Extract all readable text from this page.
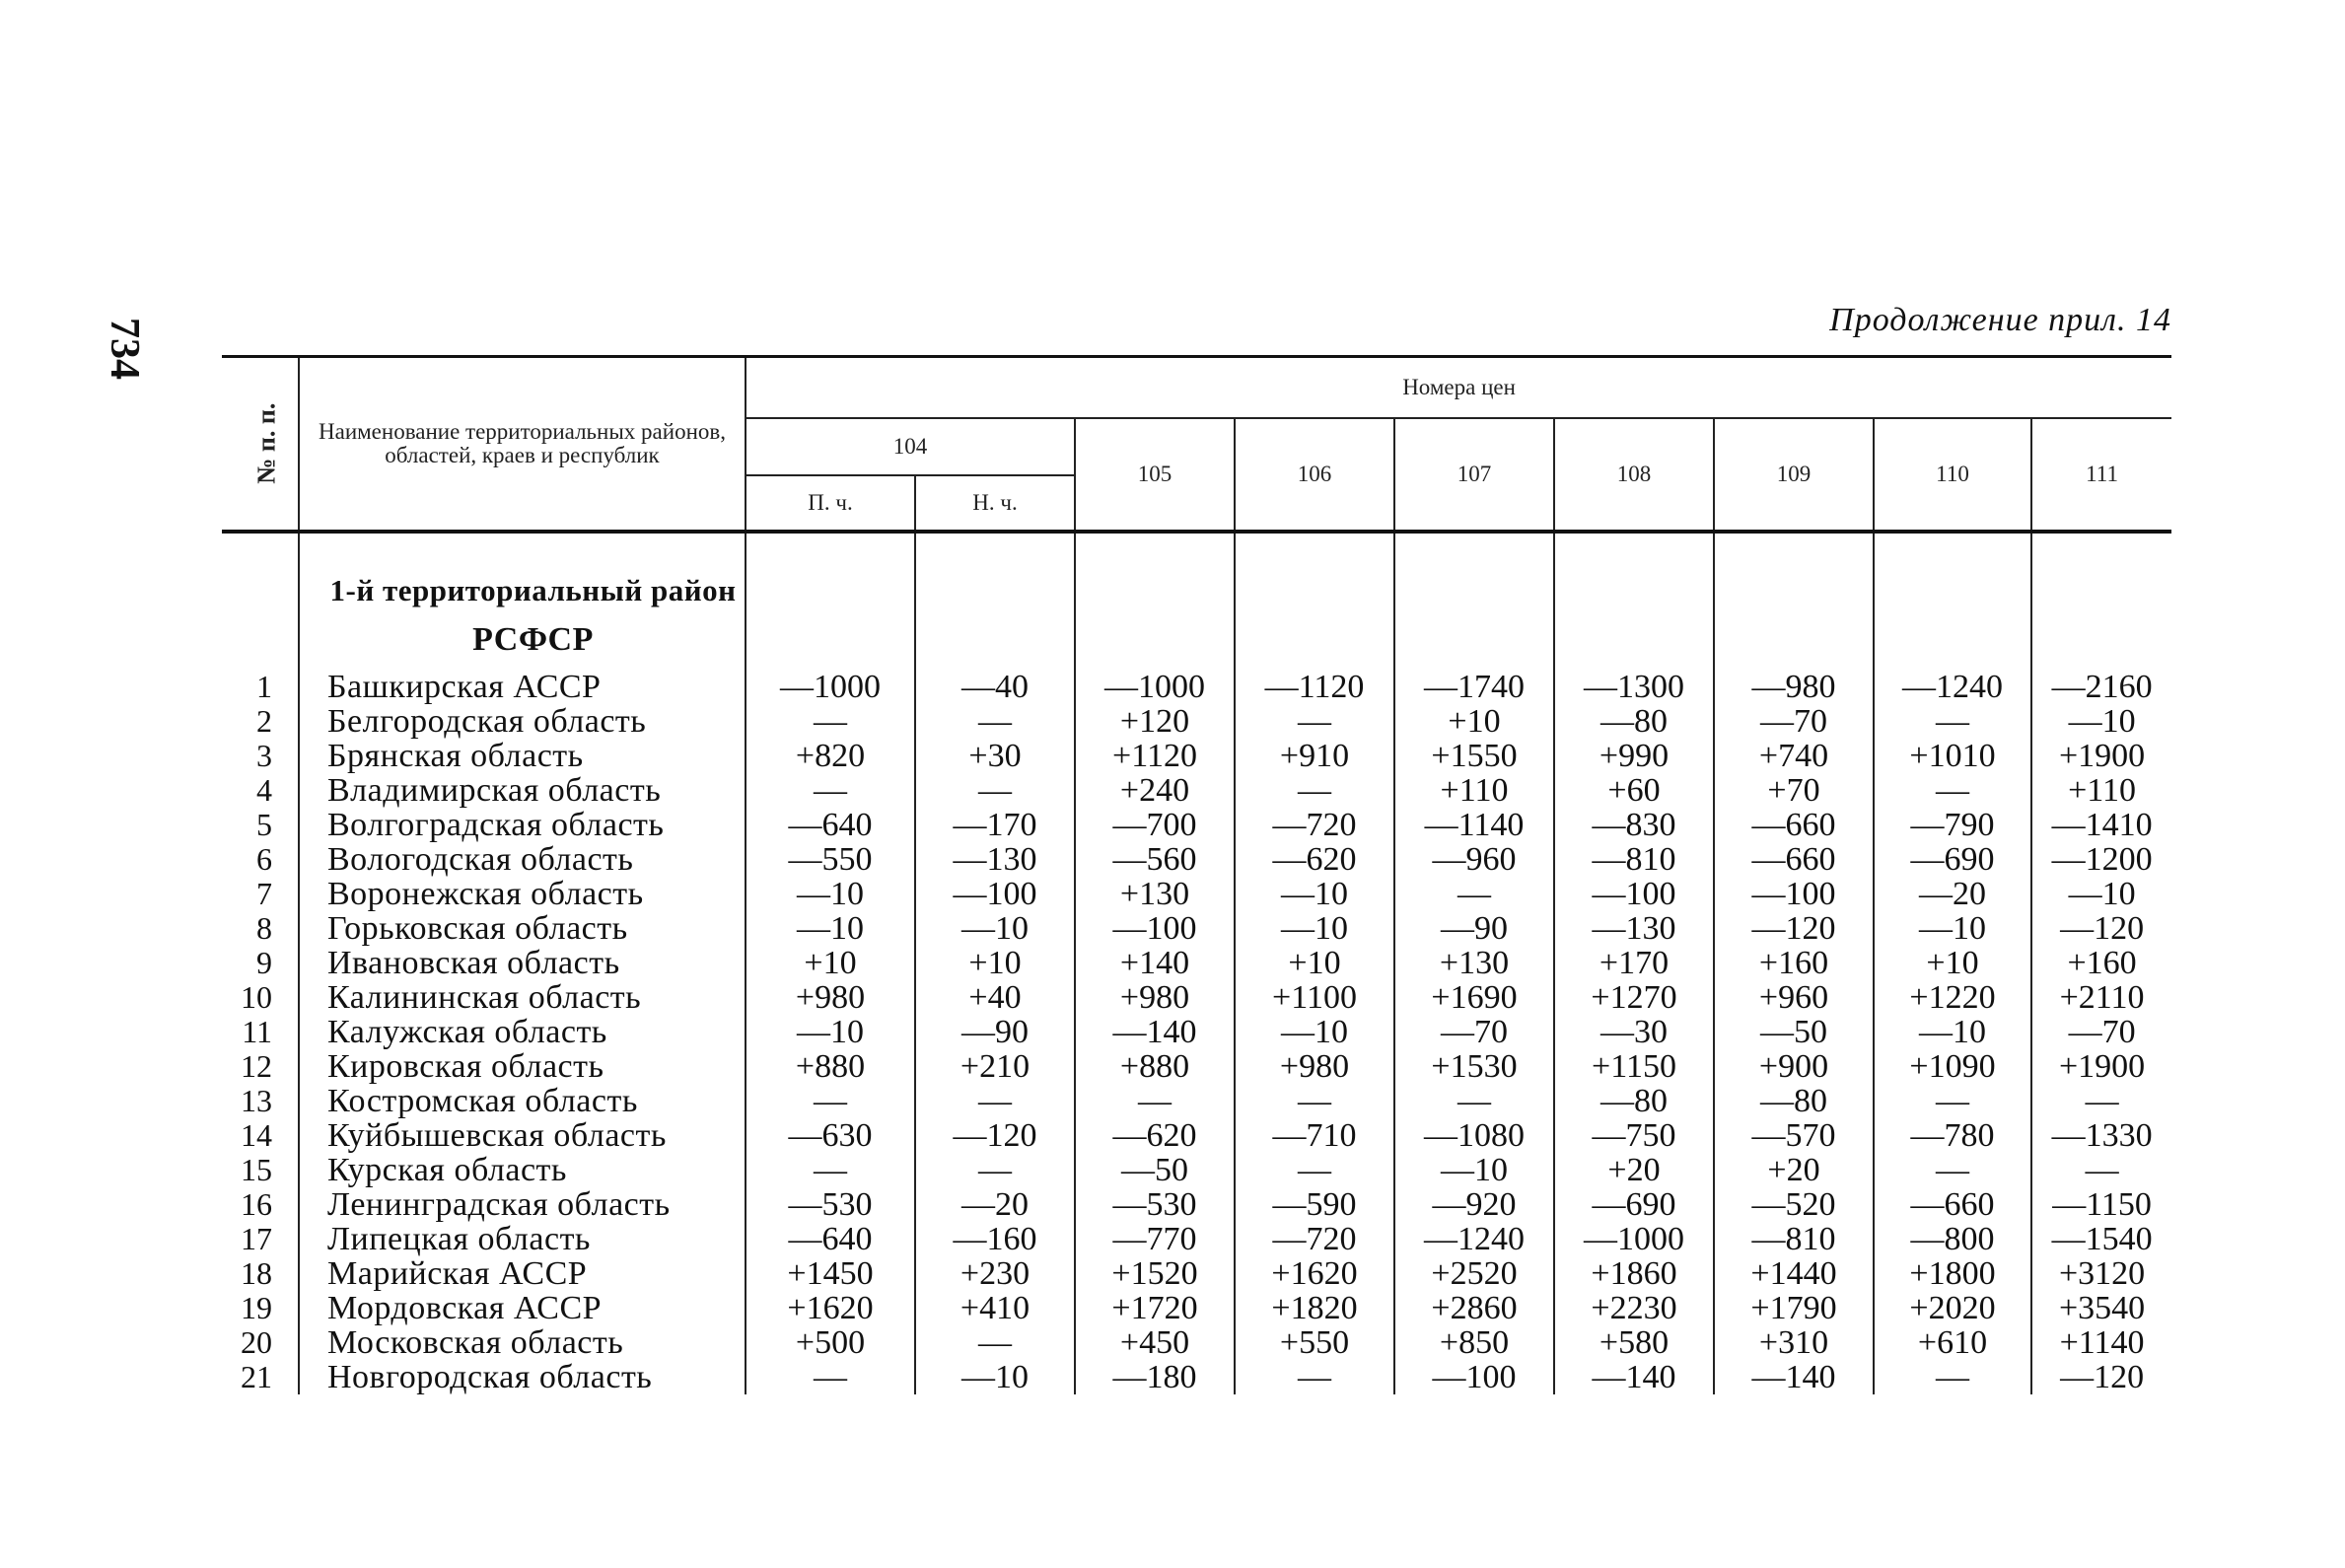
734	Продолжение прил. 14
№ п. п.	Наименование территориальных районов, областей, краев и республик	Номера цен								
		104		105	106	107	108	109	110	111
		П. ч.	Н. ч.							

	1-й территориальный район									
	РСФСР									
1	Башкирская АССР	—1000	—40	—1000	—1120	—1740	—1300	—980	—1240	—2160
2	Белгородская область	—	—	+120	—	+10	—80	—70	—	—10
3	Брянская область	+820	+30	+1120	+910	+1550	+990	+740	+1010	+1900
4	Владимирская область	—	—	+240	—	+110	+60	+70	—	+110
5	Волгоградская область	—640	—170	—700	—720	—1140	—830	—660	—790	—1410
6	Вологодская область	—550	—130	—560	—620	—960	—810	—660	—690	—1200
7	Воронежская область	—10	—100	+130	—10	—	—100	—100	—20	—10
8	Горьковская область	—10	—10	—100	—10	—90	—130	—120	—10	—120
9	Ивановская область	+10	+10	+140	+10	+130	+170	+160	+10	+160
10	Калининская область	+980	+40	+980	+1100	+1690	+1270	+960	+1220	+2110
11	Калужская область	—10	—90	—140	—10	—70	—30	—50	—10	—70
12	Кировская область	+880	+210	+880	+980	+1530	+1150	+900	+1090	+1900
13	Костромская область	—	—	—	—	—	—80	—80	—	—
14	Куйбышевская область	—630	—120	—620	—710	—1080	—750	—570	—780	—1330
15	Курская область	—	—	—50	—	—10	+20	+20	—	—
16	Ленинградская область	—530	—20	—530	—590	—920	—690	—520	—660	—1150
17	Липецкая область	—640	—160	—770	—720	—1240	—1000	—810	—800	—1540
18	Марийская АССР	+1450	+230	+1520	+1620	+2520	+1860	+1440	+1800	+3120
19	Мордовская АССР	+1620	+410	+1720	+1820	+2860	+2230	+1790	+2020	+3540
20	Московская область	+500	—	+450	+550	+850	+580	+310	+610	+1140
21	Новгородская область	—	—10	—180	—	—100	—140	—140	—	—120
